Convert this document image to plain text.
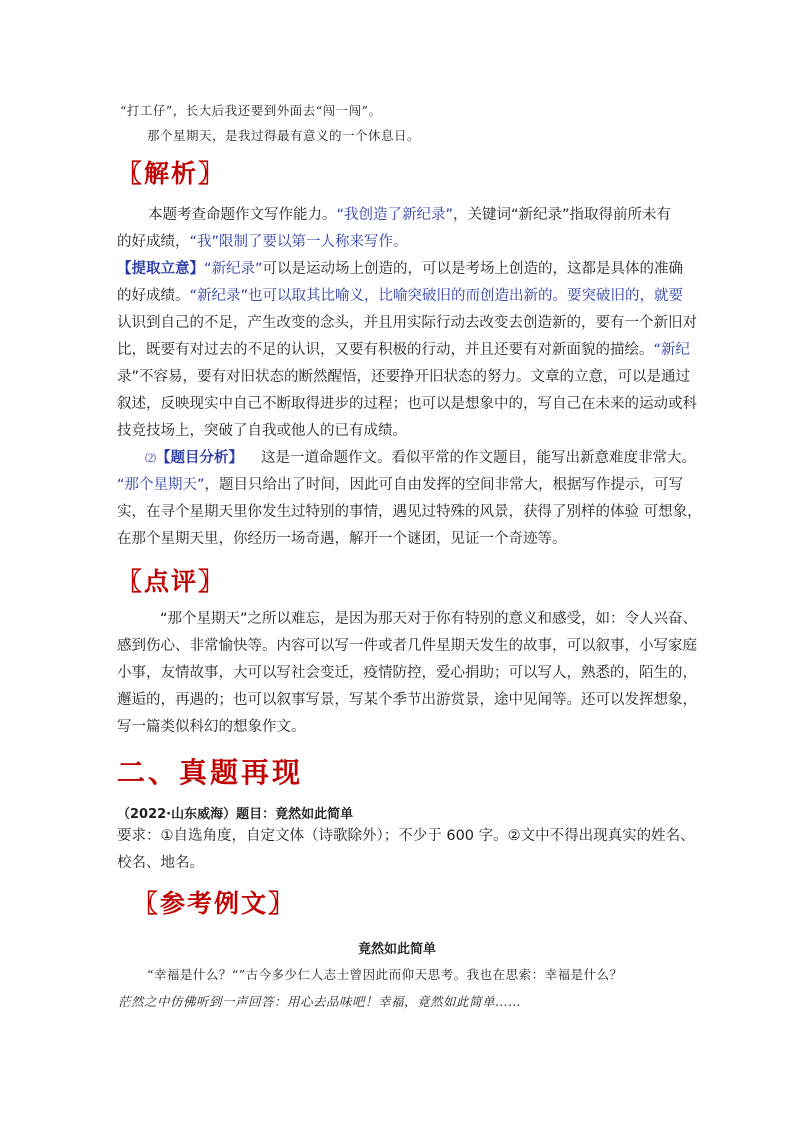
“打工仔”，长大后我还要到外面去“闯一闯”。
那个星期天，是我过得最有意义的一个休息日。
〖解析〗
本题考查命题作文写作能力。“我创造了新纪录”，关键词“新纪录”指取得前所未有
的好成绩，“我”限制了要以第一人称来写作。
【提取立意】“新纪录”可以是运动场上创造的，可以是考场上创造的，这都是具体的准确
的好成绩。“新纪录”也可以取其比喻义，比喻突破旧的而创造出新的。要突破旧的，就要
认识到自己的不足，产生改变的念头，并且用实际行动去改变去创造新的，要有一个新旧对
比，既要有对过去的不足的认识，又要有积极的行动，并且还要有对新面貌的描绘。“新纪
录”不容易，要有对旧状态的断然醒悟，还要挣开旧状态的努力。文章的立意，可以是通过
叙述，反映现实中自己不断取得进步的过程；也可以是想象中的，写自己在未来的运动或科
技竞技场上，突破了自我或他人的已有成绩。
⑵【题目分析】 这是一道命题作文。看似平常的作文题目，能写出新意难度非常大。
“那个星期天”，题目只给出了时间，因此可自由发挥的空间非常大，根据写作提示，可写
实，在寻个星期天里你发生过特别的事情，遇见过特殊的风景，获得了别样的体验 可想象，
在那个星期天里，你经历一场奇遇，解开一个谜团，见证一个奇迹等。
〖点评〗
“那个星期天”之所以难忘，是因为那天对于你有特别的意义和感受，如：令人兴奋、
感到伤心、非常愉快等。内容可以写一件或者几件星期天发生的故事，可以叙事，小写家庭
小事，友情故事，大可以写社会变迁，疫情防控，爱心捐助；可以写人，熟悉的，陌生的，
邂逅的，再遇的；也可以叙事写景，写某个季节出游赏景，途中见闻等。还可以发挥想象，
写一篇类似科幻的想象作文。
二、真题再现
（2022·山东威海）题目：竟然如此简单
要求：①自选角度，自定文体（诗歌除外）；不少于 600 字。②文中不得出现真实的姓名、
校名、地名。
〖参考例文〗
竟然如此简单
“幸福是什么？“”古今多少仁人志士曾因此而仰天思考。我也在思索：幸福是什么？
茫然之中仿佛听到一声回答：用心去品味吧！幸福，竟然如此简单……
